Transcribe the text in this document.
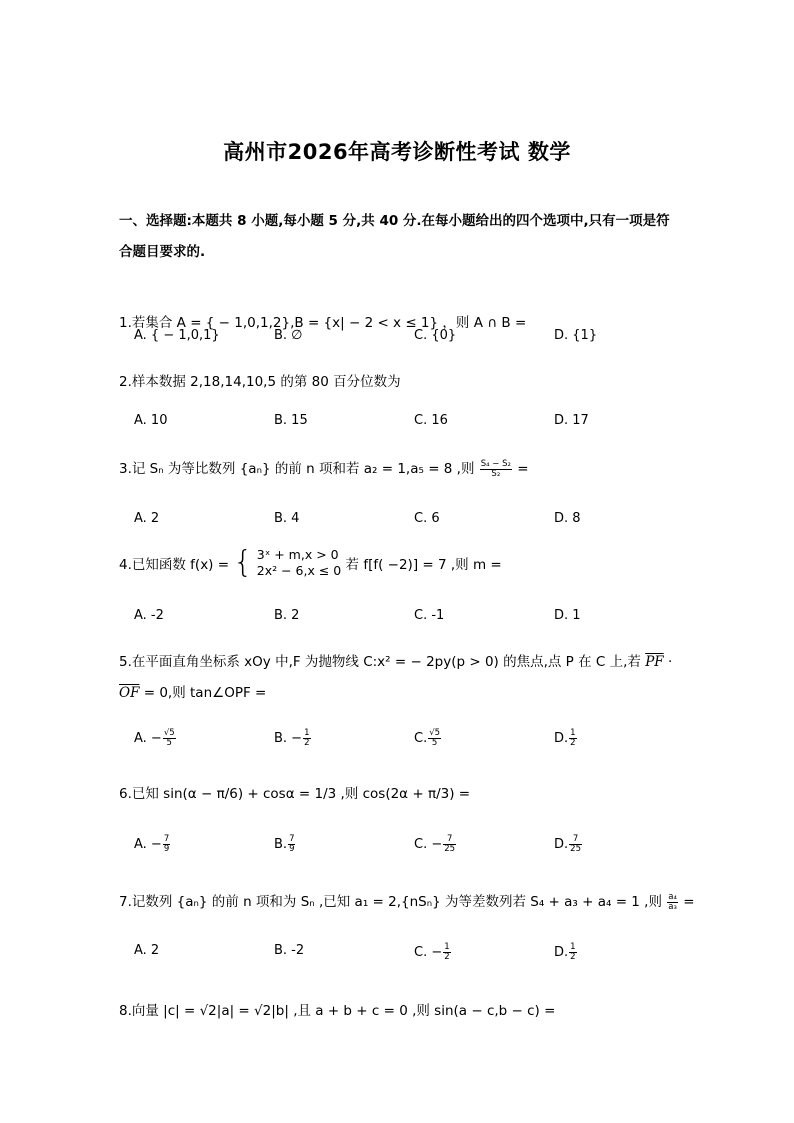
高州市2026年高考诊断性考试 数学
一、选择题:本题共 8 小题,每小题 5 分,共 40 分.在每小题给出的四个选项中,只有一项是符合题目要求的.
1.若集合 A = { − 1,0,1,2},B = {x| − 2 < x ≤ 1} ，则 A ∩ B =
A. { − 1,0,1}	B. ∅	C. {0}	D. {1}
2.样本数据 2,18,14,10,5 的第 80 百分位数为
A. 10	B. 15	C. 16	D. 17
3.记 Sₙ 为等比数列 {aₙ} 的前 n 项和若 a₂ = 1,a₅ = 8 ,则 $\frac{\text{S₄ − S₂}}{\text{S₂}}$ =
A. 2	B. 4	C. 6	D. 8
4.已知函数 f(x) = { 3ˣ + m,x > 0
2x² − 6,x ≤ 0 若 f[f( −2)] = 7 ,则 m =
A. -2	B. 2	C. -1	D. 1
5.在平面直角坐标系 xOy 中,F 为抛物线 C:x² = − 2py(p > 0) 的焦点,点 P 在 C 上,若 $\overline{PF}$ ·
$\overline{OF} = 0$,则 tan∠OPF =
A. − $\frac{√5}{5}$	B. − $\frac{1}{2}$	C. $\frac{√5}{5}$	D. $\frac{1}{2}$
6.已知 sin(α − π/6) + cosα = 1/3 ,则 cos(2α + π/3) =
A. − $\frac{7}{9}$	B. $\frac{7}{9}$	C. − $\frac{7}{25}$	D. $\frac{7}{25}$
7.记数列 {aₙ} 的前 n 项和为 Sₙ ,已知 a₁ = 2,{nSₙ} 为等差数列若 S₄ + a₃ + a₄ = 1 ,则 $\frac{\text{a₄}}{\text{a₃}}$ =
A. 2	B. -2	C. − $\frac{1}{2}$	D. $\frac{1}{2}$
8.向量 |c| = √2|a| = √2|b| ,且 a + b + c = 0 ,则 sin(a − c,b − c) =
